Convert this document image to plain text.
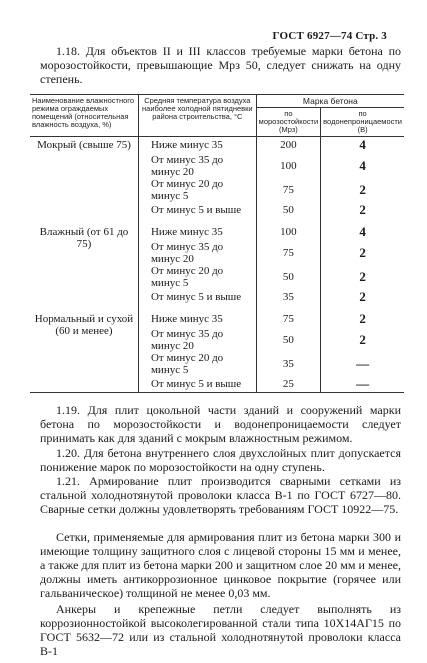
ГОСТ 6927—74 Стр. 3

1.18. Для объектов II и III классов требуемые марки бетона по морозостойкости, превышающие Мрз 50, следует снижать на одну степень.

Наименование влажностного режима ограждаемых помещений (относительная влажность воздуха, %)	Средняя температура воздуха наиболее холодной пятидневки района строительства, °С	Марка бетона	
		по морозостойкости (Мрз)	по водонепроницаемости (В)
Мокрый (свыше 75)	Ниже минус 35	200	4
	От минус 35 до минус 20	100	4
	От минус 20 до минус 5	75	2
	От минус 5 и выше	50	2
Влажный (от 61 до 75)	Ниже минус 35	100	4
	От минус 35 до минус 20	75	2
	От минус 20 до минус 5	50	2
	От минус 5 и выше	35	2
Нормальный и сухой (60 и менее)	Ниже минус 35	75	2
	От минус 35 до минус 20	50	2
	От минус 20 до минус 5	35	—
	От минус 5 и выше	25	—

1.19. Для плит цокольной части зданий и сооружений марки бетона по морозостойкости и водонепроницаемости следует принимать как для зданий с мокрым влажностным режимом.

1.20. Для бетона внутреннего слоя двухслойных плит допускается понижение марок по морозостойкости на одну ступень.

1.21. Армирование плит производится сварными сетками из стальной холоднотянутой проволоки класса В-1 по ГОСТ 6727—80. Сварные сетки должны удовлетворять требованиям ГОСТ 10922—75.

Сетки, применяемые для армирования плит из бетона марки 300 и имеющие толщину защитного слоя с лицевой стороны 15 мм и менее, а также для плит из бетона марки 200 и защитном слое 20 мм и менее, должны иметь антикоррозионное цинковое покрытие (горячее или гальваническое) толщиной не менее 0,03 мм.

Анкеры и крепежные петли следует выполнять из коррозионностойкой высоколегированной стали типа 10Х14АГ15 по ГОСТ 5632—72 или из стальной холоднотянутой проволоки класса В-1
